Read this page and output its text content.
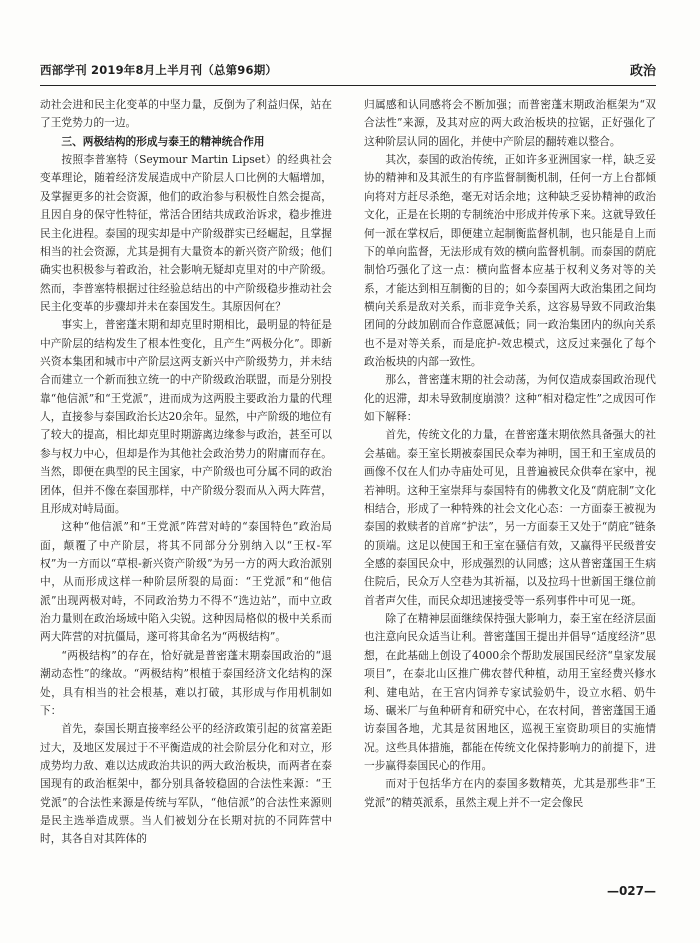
西部学刊 2019年8月上半月刊（总第96期）	政治

动社会进和民主化变革的中坚力量，反倒为了利益归保，站在了王党势力的一边。

三、两极结构的形成与泰王的精神统合作用

按照李普塞特（Seymour Martin Lipset）的经典社会变革理论，随着经济发展造成中产阶层人口比例的大幅增加，及掌握更多的社会资源，他们的政治参与积极性自然会提高，且因自身的保守性特征，常活合团结共成政治诉求，稳步推进民主化进程。泰国的现实却是中产阶级群实已经崛起，且掌握相当的社会资源，尤其是拥有大量资本的新兴资产阶级；他们确实也积极参与着政治，社会影响无疑却克里对的中产阶级。然而，李普塞特根据过往经验总结出的中产阶级稳步推动社会民主化变革的步骤却并未在泰国发生。其原因何在？

事实上，普密蓬末期和却克里时期相比，最明显的特征是中产阶层的结构发生了根本性变化，且产生“两极分化”。即新兴资本集团和城市中产阶层这两支新兴中产阶级势力，并未结合而建立一个新而独立统一的中产阶级政治联盟，而是分别投靠“他信派”和“王党派”，进而成为这两股主要政治力量的代理人，直接参与泰国政治长达20余年。显然，中产阶级的地位有了较大的提高，相比却克里时期游离边缘参与政治，甚至可以参与权力中心，但却是作为其他社会政治势力的附庸而存在。当然，即便在典型的民主国家，中产阶级也可分属不同的政治团体，但并不像在泰国那样，中产阶级分裂而从入两大阵营，且形成对峙局面。

这种“他信派”和“王党派”阵营对峙的“泰国特色”政治局面，颠覆了中产阶层，将其不同部分分别纳入以“王权-军权”为一方而以“草根-新兴资产阶级”为另一方的两大政治派别中，从而形成这样一种阶层所裂的局面：“王党派”和“他信派”出现两极对峙，不同政治势力不得不“选边站”，而中立政治力量则在政治场域中陷入尖锐。这种因局格似的极中关系而两大阵营的对抗僵局，遂可将其命名为“两极结构”。

“两极结构”的存在，恰好就是普密蓬末期泰国政治的“退潮动态性”的缘故。“两极结构”根植于泰国经济文化结构的深处，具有相当的社会根基，难以打破，其形成与作用机制如下：

首先，泰国长期直接率经公平的经济政策引起的贫富差距过大，及地区发展过于不平衡造成的社会阶层分化和对立，形成势均力敌、难以达成政治共识的两大政治板块，而两者在泰国现有的政治框架中，都分别具备较稳固的合法性来源：“王党派”的合法性来源是传统与军队，“他信派”的合法性来源则是民主选举造成票。当人们被划分在长期对抗的不同阵营中时，其各自对其阵体的

归属感和认同感将会不断加强；而普密蓬末期政治框架为“双合法性”来源，及其对应的两大政治板块的拉锯，正好强化了这种阶层认同的固化，并使中产阶层的翻转难以整合。

其次，泰国的政治传统，正如许多亚洲国家一样，缺乏妥协的精神和及其派生的有序监督制衡机制，任何一方上台都倾向将对方赶尽杀绝，毫无对话余地；这种缺乏妥协精神的政治文化，正是在长期的专制统治中形成并传承下来。这就导致任何一派在掌权后，即便建立起制衡监督机制，也只能是自上而下的单向监督，无法形成有效的横向监督机制。而泰国的荫庇制恰巧强化了这一点：横向监督本应基于权利义务对等的关系，才能达到相互制衡的目的；如今泰国两大政治集团之间均横向关系是敌对关系，而非竞争关系，这容易导致不同政治集团间的分歧加剧而合作意愿减低；同一政治集团内的纵向关系也不是对等关系，而是庇护-效忠模式，这反过来强化了每个政治板块的内部一致性。

那么，普密蓬末期的社会动荡，为何仅造成泰国政治现代化的迟滞，却未导致制度崩溃？这种“相对稳定性”之成因可作如下解释：

首先，传统文化的力量，在普密蓬末期依然具备强大的社会基础。泰王室长期被泰国民众奉为神明，国王和王室成员的画像不仅在人们办寺庙处可见，且普遍被民众供奉在家中，视若神明。这种王室崇拜与泰国特有的佛教文化及“荫庇制”文化相结合，形成了一种特殊的社会文化心态：一方面泰王被视为泰国的救赎者的首席“护法”，另一方面泰王又处于“荫庇”链条的顶端。这足以使国王和王室在骚信有效，又赢得平民级普安全感的泰国民众中，形成强烈的认同感；这从普密蓬国王生病住院后，民众万人空巷为其祈福，以及拉玛十世新国王继位前首者声欠佳，而民众却迅速接受等一系列事件中可见一斑。

除了在精神层面继续保持强大影响力，泰王室在经济层面也注意向民众适当让利。普密蓬国王提出并倡导“适度经济”思想，在此基础上创设了4000余个帮助发展国民经济“皇家发展项目”，在泰北山区推广佛农替代种植，动用王室经费兴修水利、建电站，在王宫内饲养专家试验奶牛，设立水稻、奶牛场、碾米厂与鱼种研育和研究中心，在农村间，普密蓬国王通访泰国各地，尤其是贫困地区，巡视王室资助项目的实施情况。这些具体措施，都能在传统文化保持影响力的前提下，进一步赢得泰国民心的作用。

而对于包括华方在内的泰国多数精英，尤其是那些非“王党派”的精英派系，虽然主观上并不一定会像民

—027—
